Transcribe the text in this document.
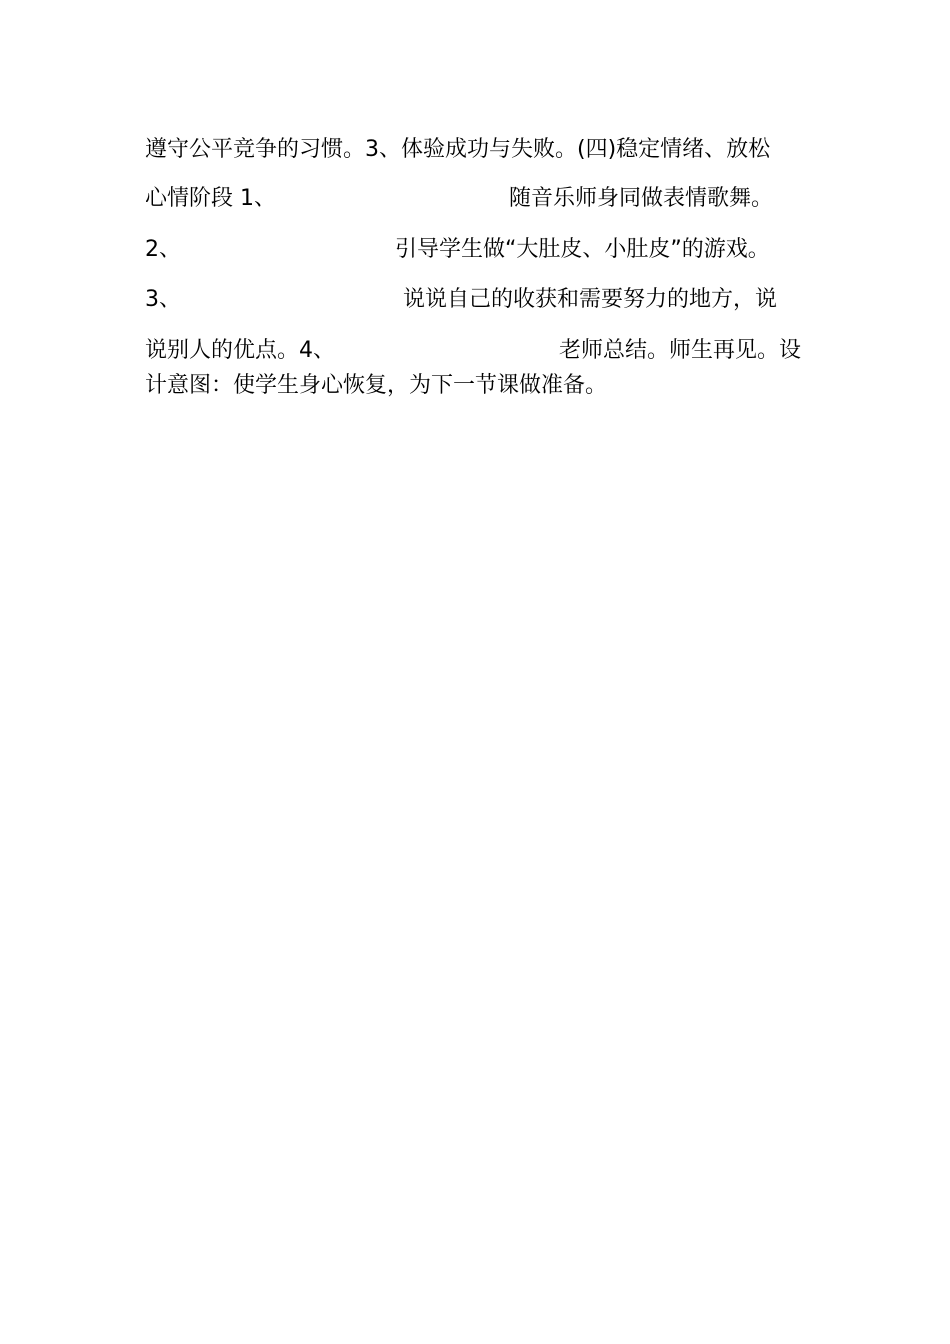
遵守公平竞争的习惯。3、体验成功与失败。(四)稳定情绪、放松
心情阶段 1、	随音乐师身同做表情歌舞。
2、	引导学生做“大肚皮、小肚皮”的游戏。
3、	说说自己的收获和需要努力的地方，说
说别人的优点。4、	老师总结。师生再见。设
计意图：使学生身心恢复，为下一节课做准备。
